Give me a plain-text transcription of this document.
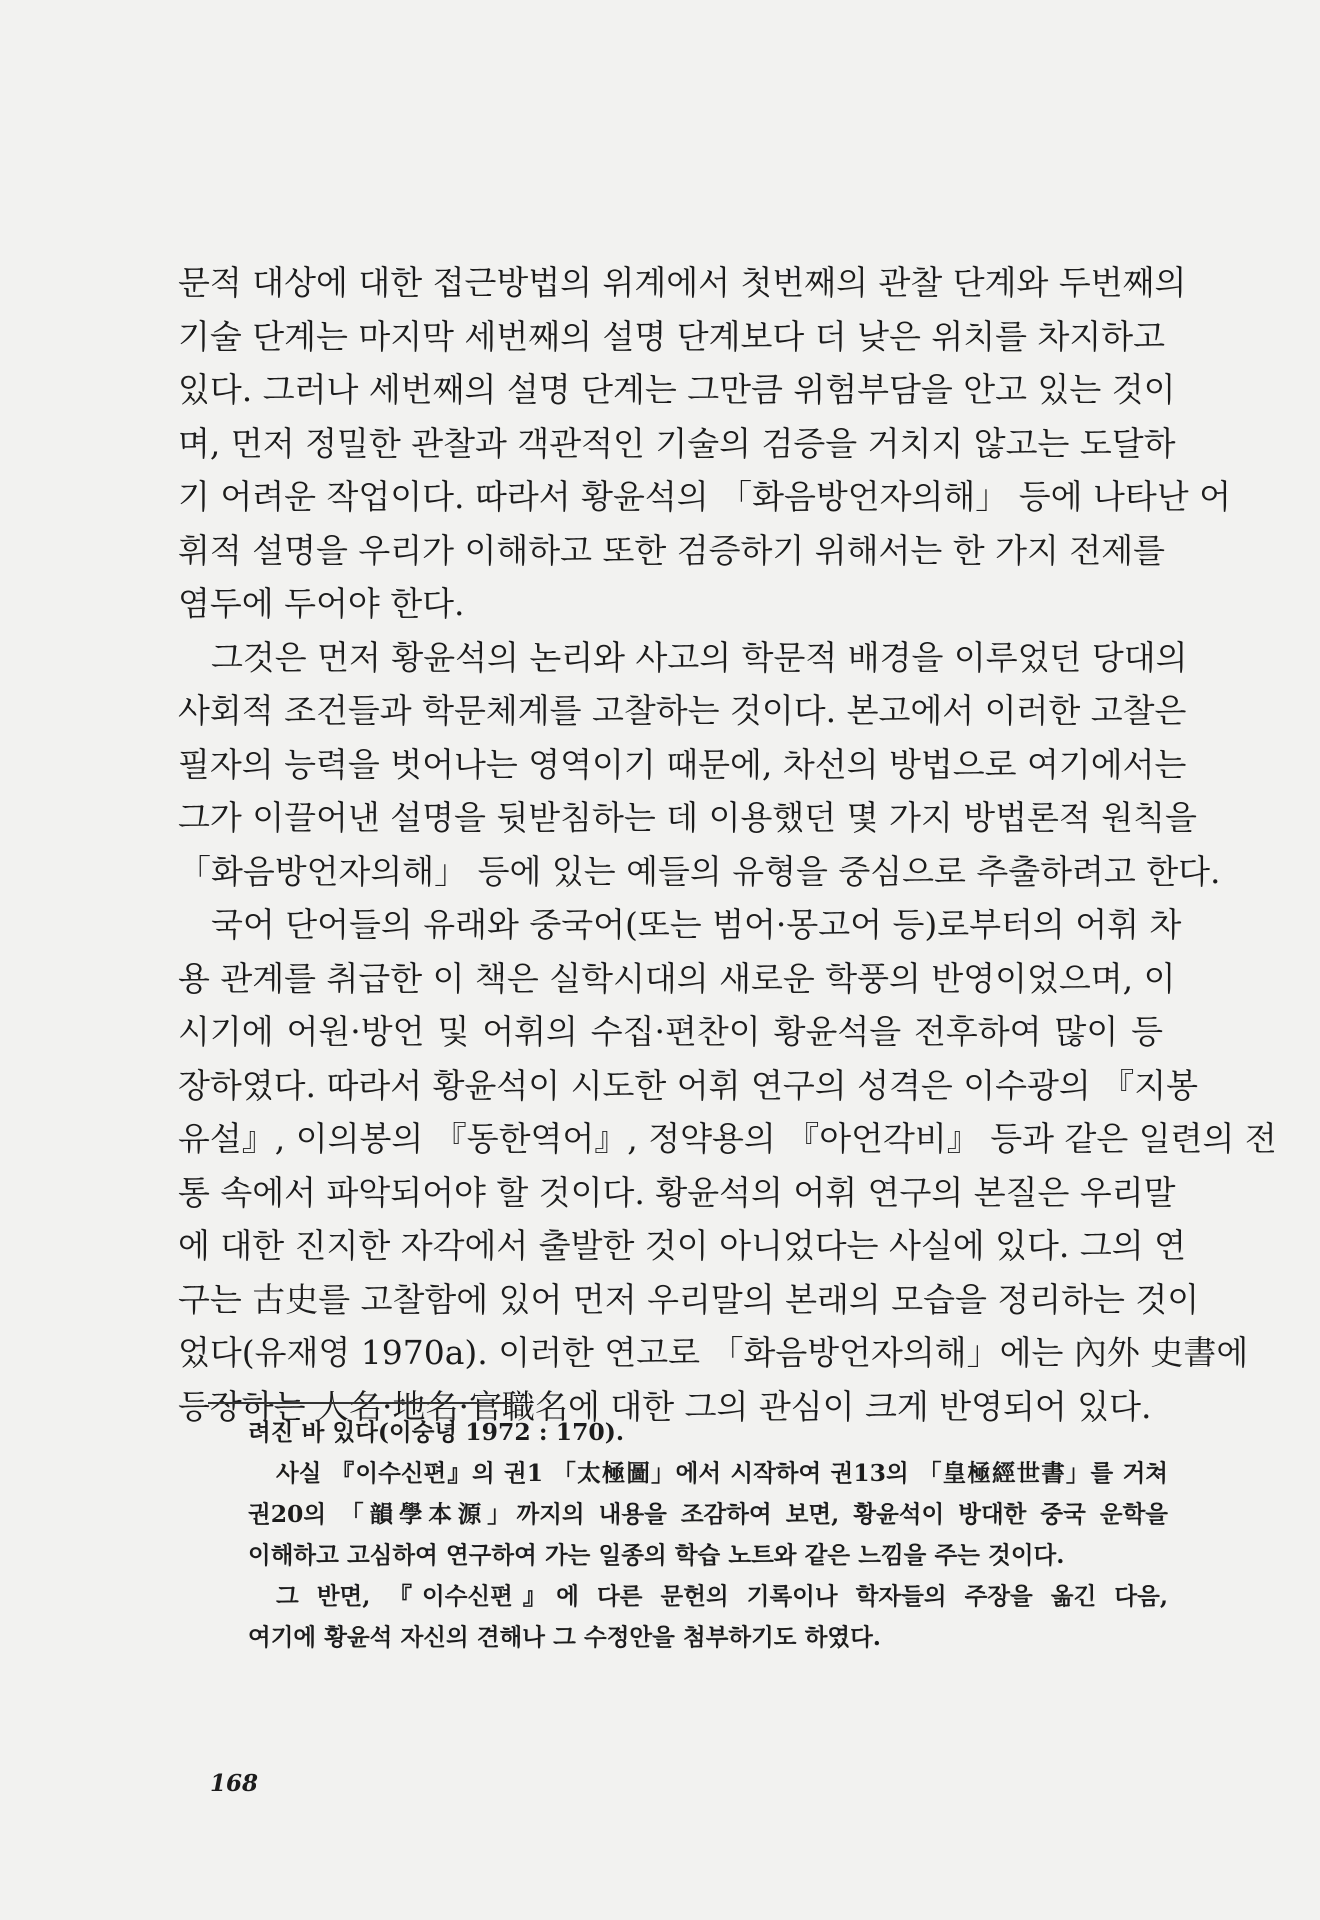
문적 대상에 대한 접근방법의 위계에서 첫번째의 관찰 단계와 두번째의
기술 단계는 마지막 세번째의 설명 단계보다 더 낮은 위치를 차지하고
있다. 그러나 세번째의 설명 단계는 그만큼 위험부담을 안고 있는 것이
며, 먼저 정밀한 관찰과 객관적인 기술의 검증을 거치지 않고는 도달하
기 어려운 작업이다. 따라서 황윤석의 「화음방언자의해」 등에 나타난 어
휘적 설명을 우리가 이해하고 또한 검증하기 위해서는 한 가지 전제를
염두에 두어야 한다.
그것은 먼저 황윤석의 논리와 사고의 학문적 배경을 이루었던 당대의
사회적 조건들과 학문체계를 고찰하는 것이다. 본고에서 이러한 고찰은
필자의 능력을 벗어나는 영역이기 때문에, 차선의 방법으로 여기에서는
그가 이끌어낸 설명을 뒷받침하는 데 이용했던 몇 가지 방법론적 원칙을
「화음방언자의해」 등에 있는 예들의 유형을 중심으로 추출하려고 한다.
국어 단어들의 유래와 중국어(또는 범어·몽고어 등)로부터의 어휘 차
용 관계를 취급한 이 책은 실학시대의 새로운 학풍의 반영이었으며, 이
시기에 어원·방언 및 어휘의 수집·편찬이 황윤석을 전후하여 많이 등
장하였다. 따라서 황윤석이 시도한 어휘 연구의 성격은 이수광의 『지봉
유설』, 이의봉의 『동한역어』, 정약용의 『아언각비』 등과 같은 일련의 전
통 속에서 파악되어야 할 것이다. 황윤석의 어휘 연구의 본질은 우리말
에 대한 진지한 자각에서 출발한 것이 아니었다는 사실에 있다. 그의 연
구는 古史를 고찰함에 있어 먼저 우리말의 본래의 모습을 정리하는 것이
었다(유재영 1970a). 이러한 연고로 「화음방언자의해」에는 內外 史書에
등장하는 人名·地名·官職名에 대한 그의 관심이 크게 반영되어 있다.
려진 바 있다(이숭녕 1972 : 170).
사실 『이수신편』의 권1 「太極圖」에서 시작하여 권13의 「皇極經世書」를 거쳐
권20의 「韻學本源」까지의 내용을 조감하여 보면, 황윤석이 방대한 중국 운학을
이해하고 고심하여 연구하여 가는 일종의 학습 노트와 같은 느낌을 주는 것이다.
그 반면, 『이수신편』에 다른 문헌의 기록이나 학자들의 주장을 옮긴 다음,
여기에 황윤석 자신의 견해나 그 수정안을 첨부하기도 하였다.
168
